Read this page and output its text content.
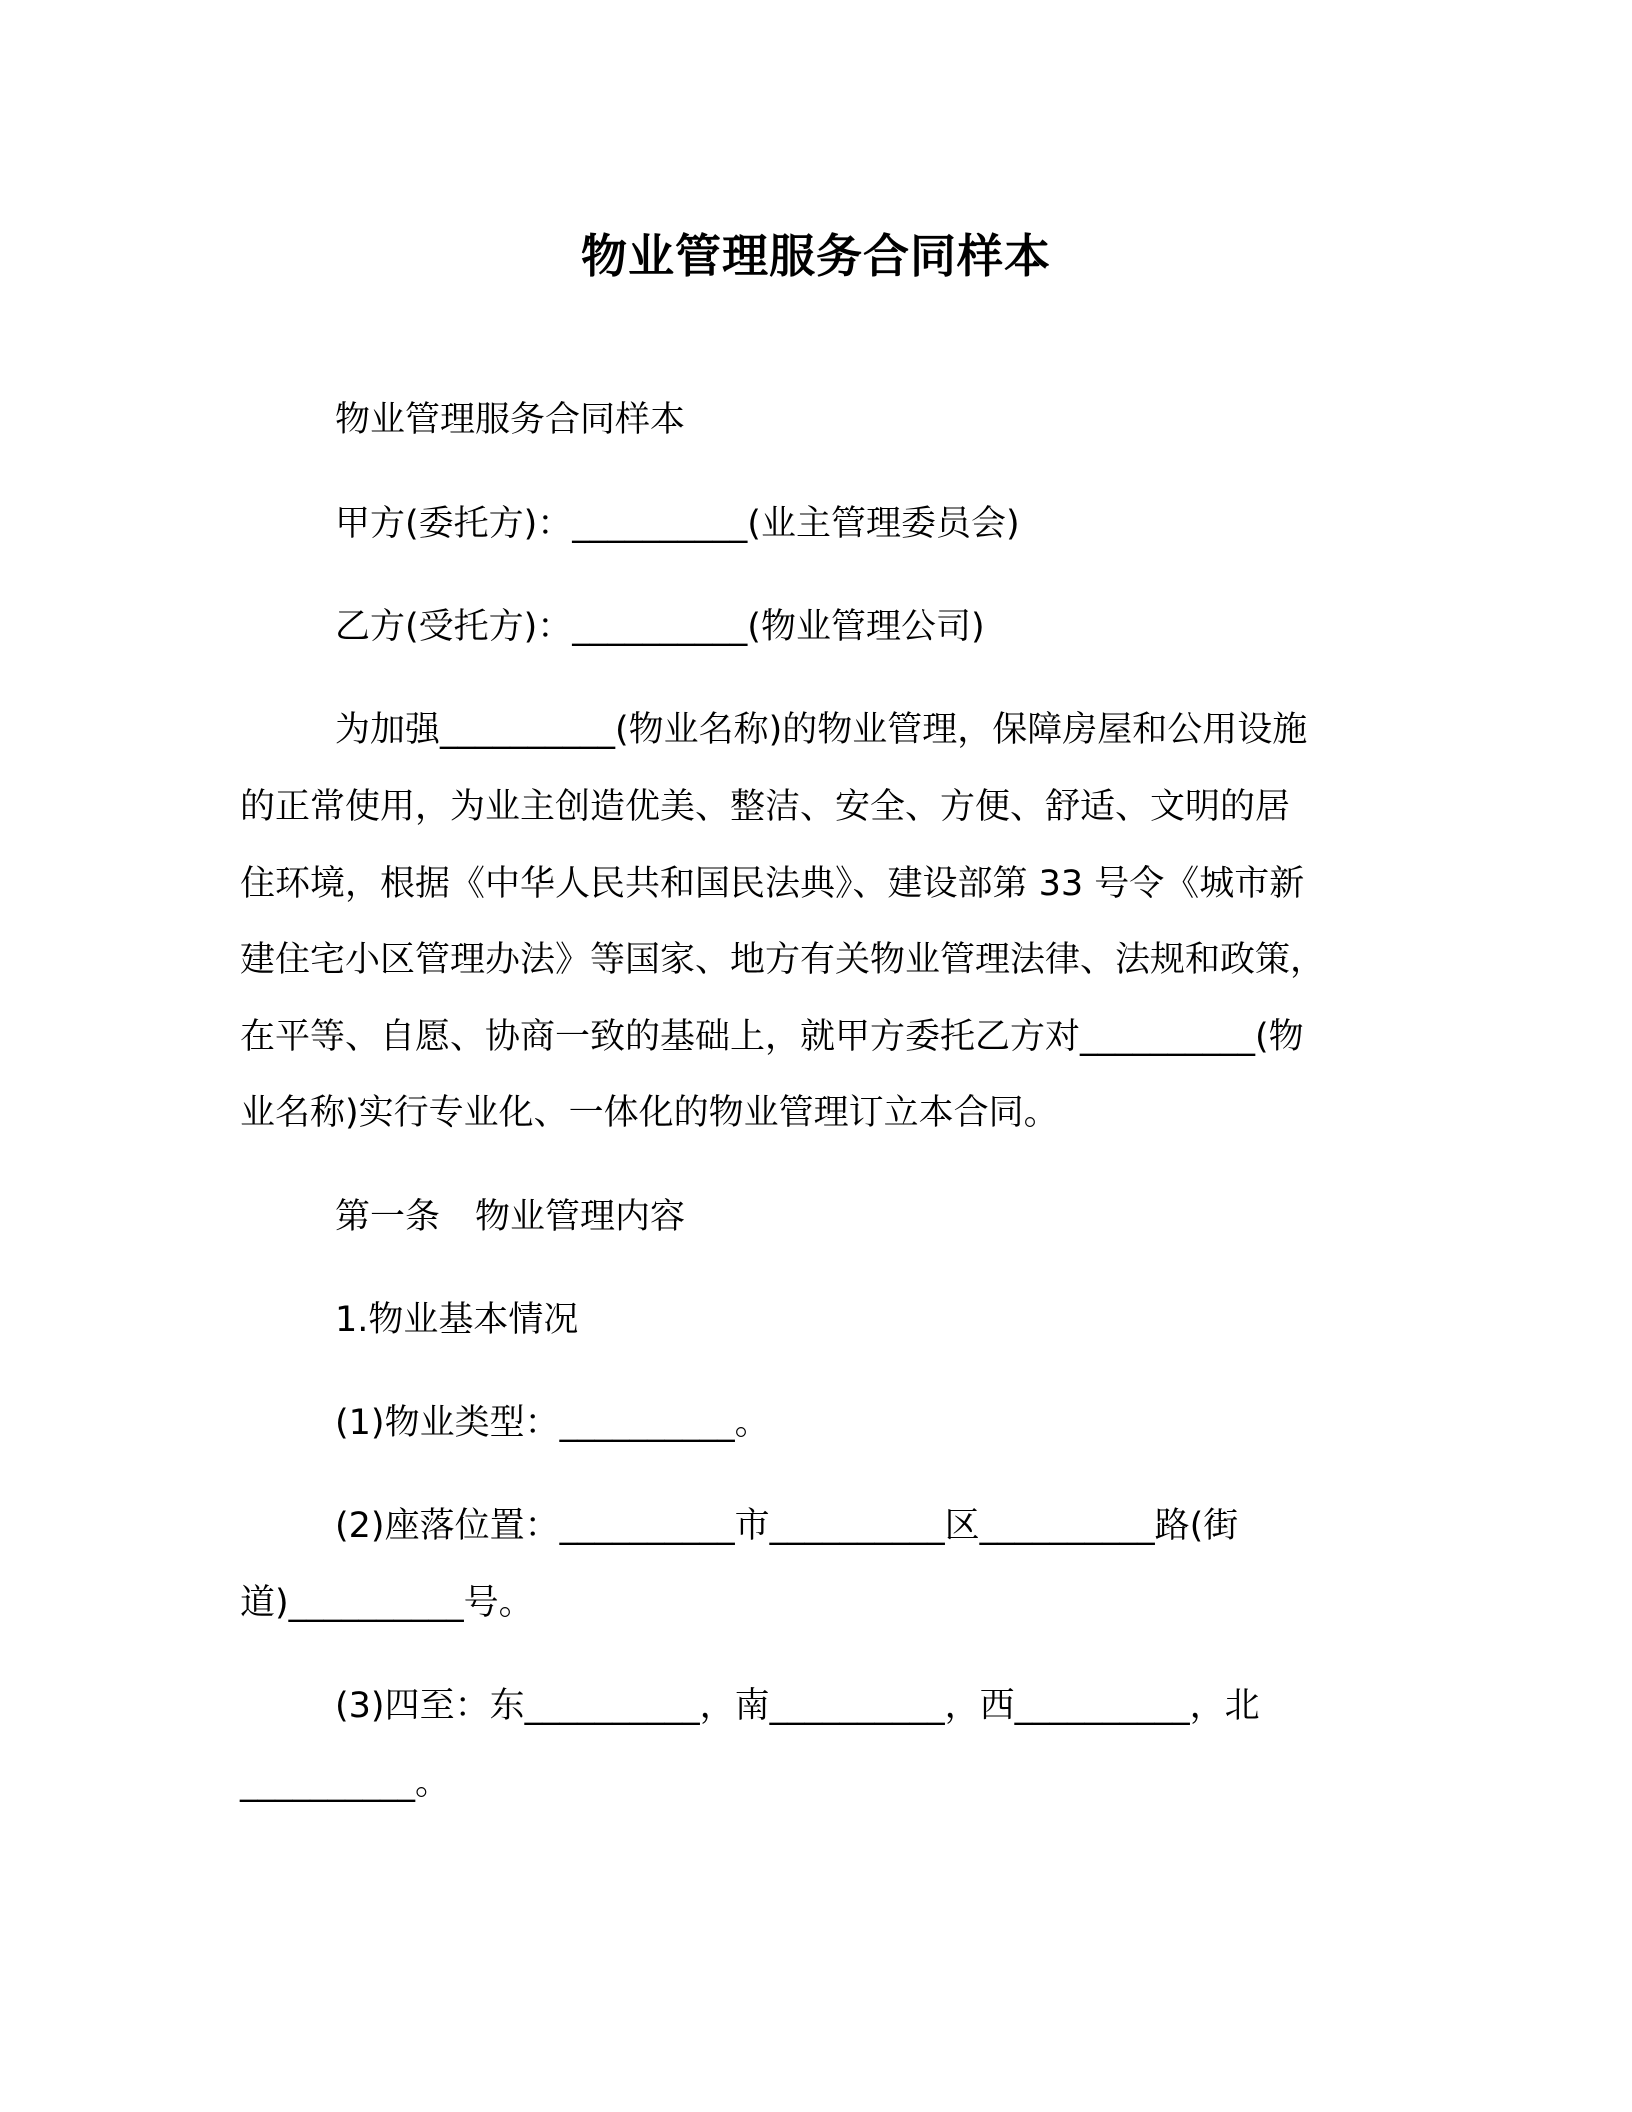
物业管理服务合同样本
物业管理服务合同样本
甲方(委托方)：__________(业主管理委员会)
乙方(受托方)：__________(物业管理公司)
为加强__________(物业名称)的物业管理，保障房屋和公用设施
的正常使用，为业主创造优美、整洁、安全、方便、舒适、文明的居
住环境，根据《中华人民共和国民法典》、建设部第 33 号令《城市新
建住宅小区管理办法》等国家、地方有关物业管理法律、法规和政策，
在平等、自愿、协商一致的基础上，就甲方委托乙方对__________(物
业名称)实行专业化、一体化的物业管理订立本合同。
第一条　物业管理内容
1.物业基本情况
(1)物业类型：__________。
(2)座落位置：__________市__________区__________路(街
道)__________号。
(3)四至：东__________，南__________，西__________，北
__________。
